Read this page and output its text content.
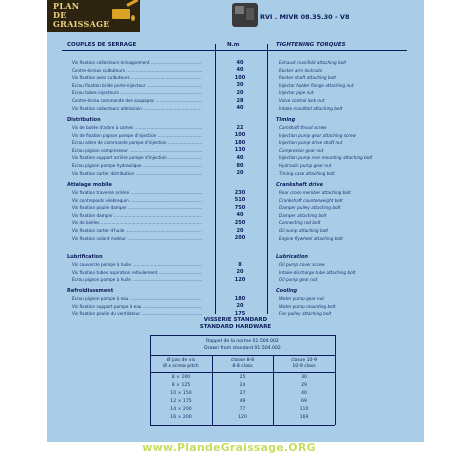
PLAN
DE
GRAISSAGE
RVI . MIVR 08.35.30 - V8
COUPLES DE SERRAGE	N.m	TIGHTENING TORQUES
Vis fixation collecteurs échappement .....	40	Exhaust manifold attaching bolt
Contre-écrous culbuteurs .....	40	Rocker arm locknuts
Vis fixation axes culbuteurs .....	100	Rocker shaft attaching bolt
Écrou fixation bride porte-injecteur .....	30	Injector holder flange attaching nut
Écrou tubes injecteurs .....	20	Injector pipe nut
Contre-écrou commande des soupapes .....	28	Valve control lock nut
Vis fixation collecteurs admission .....	40	Intake manifold attaching bolt
Distribution	Timing
Vis de butée d'arbre à cames .....	22	Camshaft thrust screw
Vis de fixation pignon pompe d'injection .....	100	Injection pump gear attaching screw
Écrou arbre de commande pompe d'injection .....	180	Injection pump drive shaft nut
Écrou pignon compresseur .....	130	Compressor gear nut
Vis fixation support arrière pompe d'injection .....	40	Injection pump rear mounting attaching bolt
Écrou pignon pompe hydraulique .....	80	Hydraulic pump gear nut
Vis fixation carter distribution .....	20	Timing case attaching bolt
Attelage mobile	Crankshaft drive
Vis fixation traverse arrière .....	230	Rear cross-member attaching bolt
Vis contrepoids vilebrequin .....	510	Crankshaft counterweight bolt
Vis fixation poulie damper .....	750	Damper pulley attaching bolt
Vis fixation damper .....	40	Damper attaching bolt
Vis de bielles .....	250	Connecting rod bolt
Vis fixation carter d'huile .....	20	Oil sump attaching bolt
Vis fixation volant moteur .....	200	Engine flywheel attaching bolt
Lubrification	Lubrication
Vis couvercle pompe à huile .....	8	Oil pump cover screw
Vis fixation tubes aspiration refoulement .....	20	Intake-discharge tube attaching bolt
Écrou pignon pompe à huile .....	120	Oil pump gear nut
Refroidissement	Cooling
Écrou pignon pompe à eau .....	180	Water pump gear nut
Vis fixation support pompe à eau .....	20	Water pump mounting bolt
Vis fixation poulie du ventilateur .....	175	Fan pulley attaching bolt
VISSERIE STANDARD
STANDARD HARDWARE
Rappel de la norme 01.504.002
Drawn from standard 01.504.002
Ø pas de vis
Ø x screw pitch
classe 8-8
8-8 class
classe 10-9
10-9 class
8 × 100	25	30
8 × 125	24	29
10 × 150	27	40
12 × 175	49	69
14 × 200	77	110
16 × 200	120	169
www.PlandeGraissage.ORG
